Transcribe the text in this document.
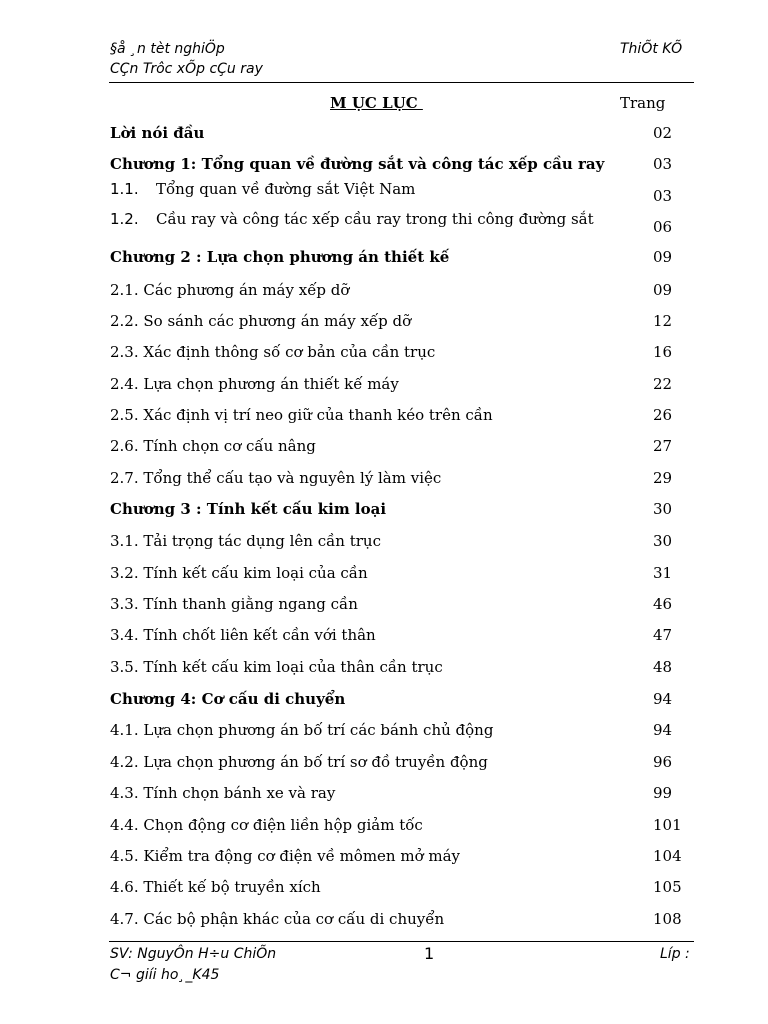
§å ¸n tèt nghiÖp
CÇn Trôc xÕp cÇu ray
ThiÕt KÕ
M ỤC LỤC	Trang
Lời nói đầu	02
Chương 1: Tổng quan về đường sắt và công tác xếp cầu ray	03
1.1. Tổng quan về đường sắt Việt Nam	03
1.2. Cầu ray và công tác xếp cầu ray trong thi công đường sắt	06
Chương 2 : Lựa chọn phương án thiết kế	09
2.1. Các phương án máy xếp dỡ	09
2.2. So sánh các phương án máy xếp dỡ	12
2.3. Xác định thông số cơ bản của cần trục	16
2.4. Lựa chọn phương án thiết kế máy	22
2.5. Xác định vị trí neo giữ của thanh kéo trên cần	26
2.6. Tính chọn cơ cấu nâng	27
2.7. Tổng thể cấu tạo và nguyên lý làm việc	29
Chương 3 : Tính kết cấu kim loại	30
3.1. Tải trọng tác dụng lên cần trục	30
3.2. Tính kết cấu kim loại của cần	31
3.3. Tính thanh giằng ngang cần	46
3.4. Tính chốt liên kết cần với thân	47
3.5. Tính kết cấu kim loại của thân cần trục	48
Chương 4: Cơ cấu di chuyển	94
4.1. Lựa chọn phương án bố trí các bánh chủ động	94
4.2. Lựa chọn phương án bố trí sơ đồ truyền động	96
4.3. Tính chọn bánh xe và ray	99
4.4. Chọn động cơ điện liền hộp giảm tốc	101
4.5. Kiểm tra động cơ điện về mômen mở máy	104
4.6. Thiết kế bộ truyền xích	105
4.7. Các bộ phận khác của cơ cấu di chuyển	108
SV: NguyÔn H÷u ChiÕn
C¬ giíi ho¸_K45
1	Líp :
